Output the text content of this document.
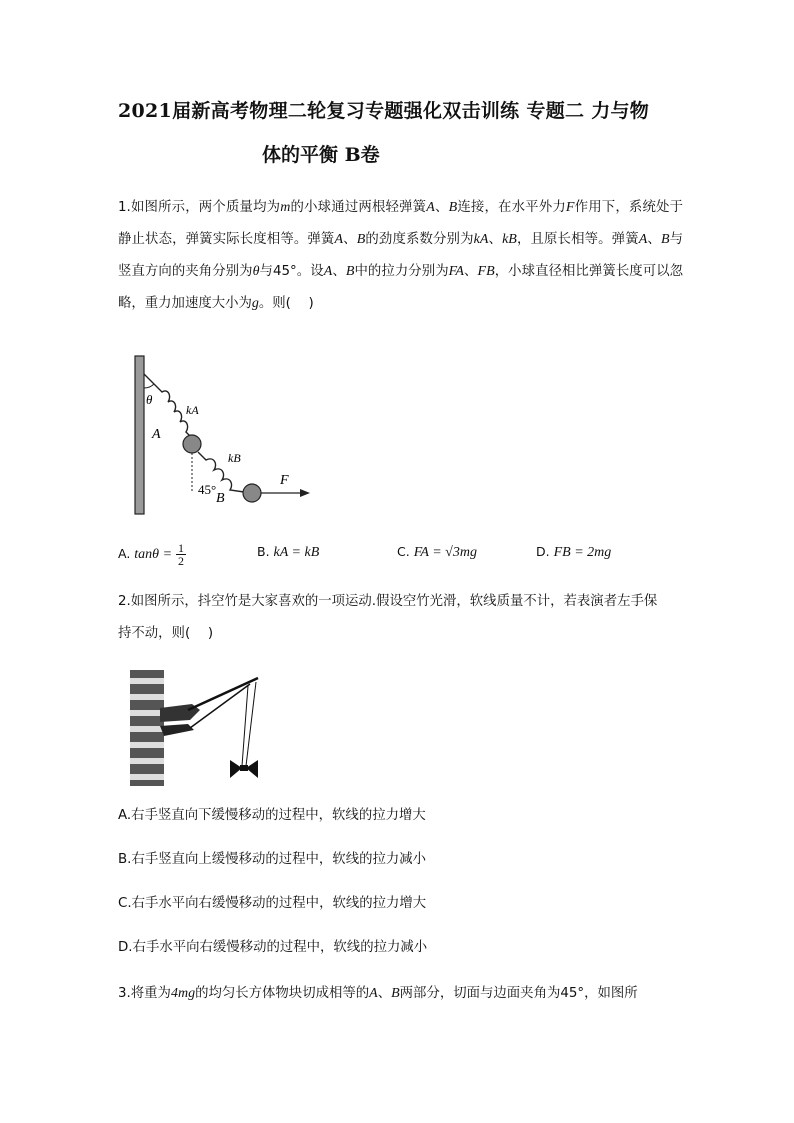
2021届新高考物理二轮复习专题强化双击训练 专题二 力与物
体的平衡 B卷
1.如图所示，两个质量均为m的小球通过两根轻弹簧A、B连接，在水平外力F作用下，系统处于静止状态，弹簧实际长度相等。弹簧A、B的劲度系数分别为kA、kB，且原长相等。弹簧A、B与竖直方向的夹角分别为θ与45°。设A、B中的拉力分别为FA、FB，小球直径相比弹簧长度可以忽略，重力加速度大小为g。则(　 )
θ
kA
A
kB
45°
B
F
A. $\tan\theta = \frac{1}{2}$	B. kA = kB	C. FA = √3mg	D. FB = 2mg
2.如图所示，抖空竹是大家喜欢的一项运动.假设空竹光滑，软线质量不计，若表演者左手保
持不动，则(　 )
A.右手竖直向下缓慢移动的过程中，软线的拉力增大
B.右手竖直向上缓慢移动的过程中，软线的拉力减小
C.右手水平向右缓慢移动的过程中，软线的拉力增大
D.右手水平向右缓慢移动的过程中，软线的拉力减小
3.将重为4mg的均匀长方体物块切成相等的A、B两部分，切面与边面夹角为45°，如图所
